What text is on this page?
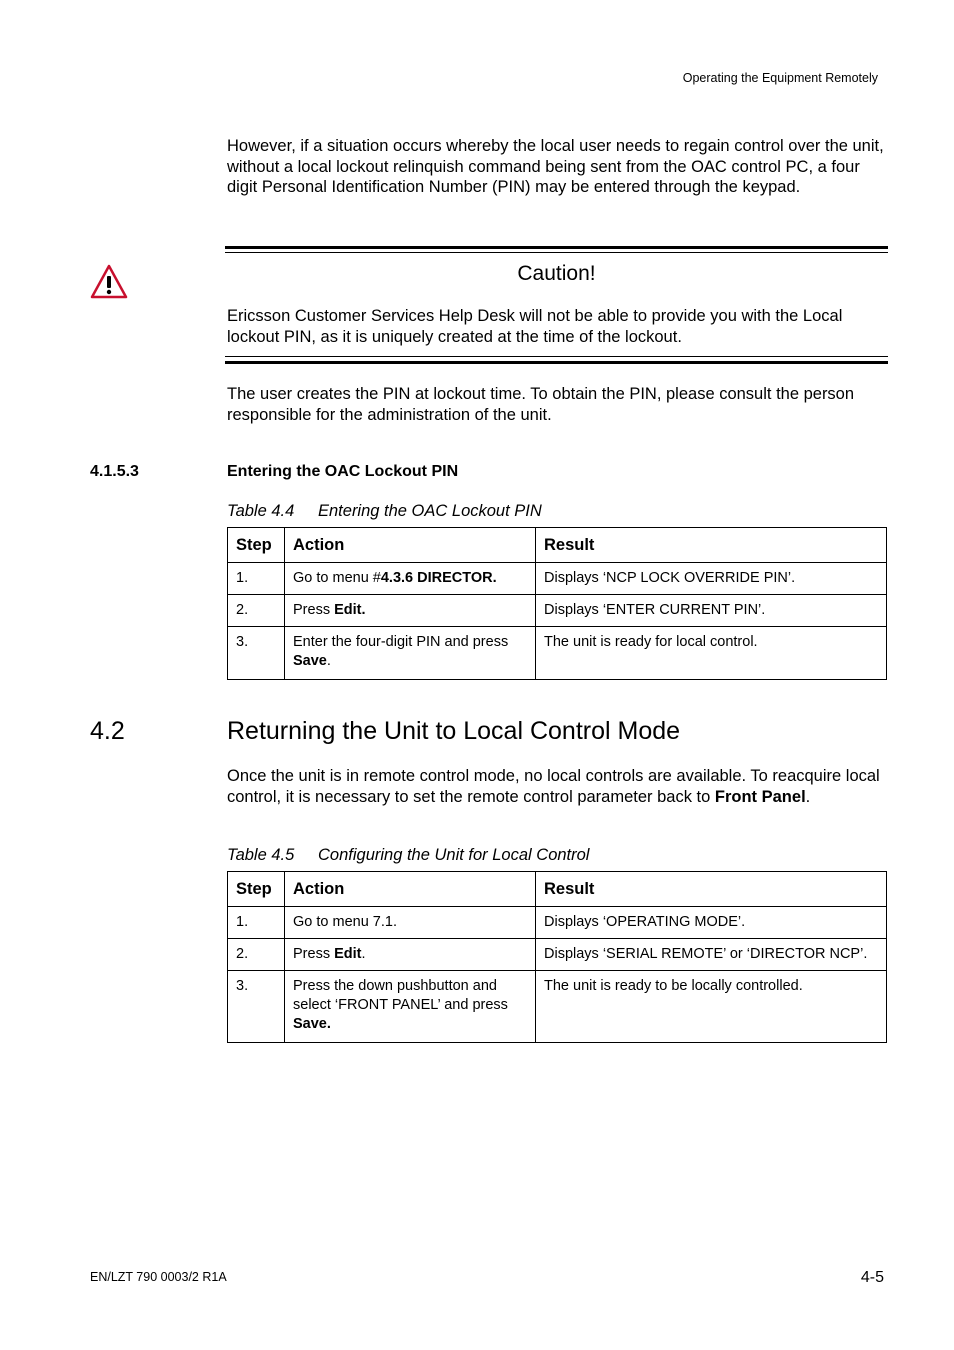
Operating the Equipment Remotely
However, if a situation occurs whereby the local user needs to regain control over the unit, without a local lockout relinquish command being sent from the OAC control PC, a four digit Personal Identification Number (PIN) may be entered through the keypad.
Caution!
Ericsson Customer Services Help Desk will not be able to provide you with the Local lockout PIN, as it is uniquely created at the time of the lockout.
The user creates the PIN at lockout time. To obtain the PIN, please consult the person responsible for the administration of the unit.
4.1.5.3	Entering the OAC Lockout PIN
Table 4.4 Entering the OAC Lockout PIN
Step	Action	Result
1.	Go to menu #4.3.6 DIRECTOR.	Displays ‘NCP LOCK OVERRIDE PIN’.
2.	Press Edit.	Displays ‘ENTER CURRENT PIN’.
3.	Enter the four-digit PIN and press Save.	The unit is ready for local control.
4.2	Returning the Unit to Local Control Mode
Once the unit is in remote control mode, no local controls are available. To reacquire local control, it is necessary to set the remote control parameter back to Front Panel.
Table 4.5 Configuring the Unit for Local Control
Step	Action	Result
1.	Go to menu 7.1.	Displays ‘OPERATING MODE’.
2.	Press Edit.	Displays ‘SERIAL REMOTE’ or ‘DIRECTOR NCP’.
3.	Press the down pushbutton and select ‘FRONT PANEL’ and press Save.	The unit is ready to be locally controlled.
EN/LZT 790 0003/2 R1A	4-5
